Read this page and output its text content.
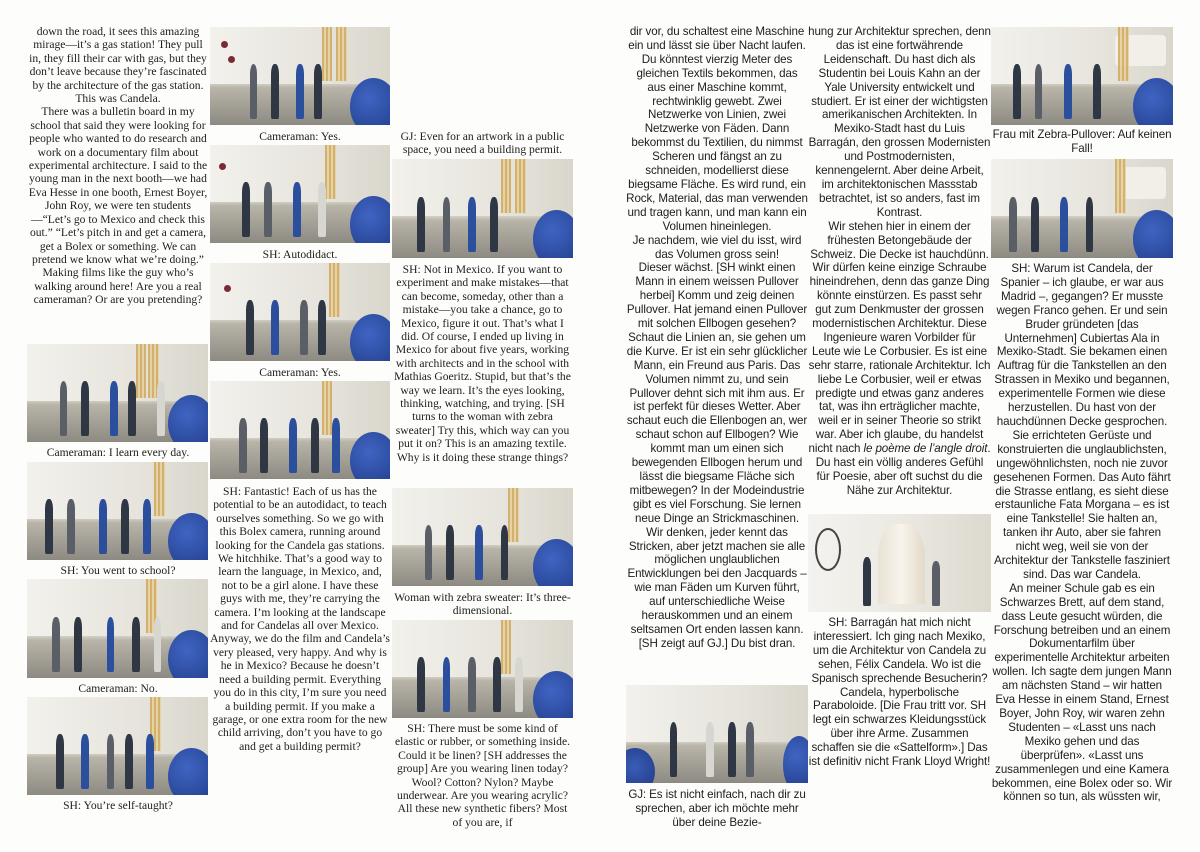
down the road, it sees this amazing mirage—it’s a gas station! They pull in, they fill their car with gas, but they don’t leave because they’re fascinated by the architecture of the gas station. This was Candela.
There was a bulletin board in my school that said they were looking for people who wanted to do research and work on a documentary film about experimental architecture. I said to the young man in the next booth—we had Eva Hesse in one booth, Ernest Boyer, John Roy, we were ten students—“Let’s go to Mexico and check this out.” “Let’s pitch in and get a camera, get a Bolex or something. We can pretend we know what we’re doing.” Making films like the guy who’s walking around here! Are you a real cameraman? Or are you pretending?
Cameraman: I learn every day.
SH: You went to school?
Cameraman: No.
SH: You’re self-taught?
Cameraman: Yes.
SH: Autodidact.
Cameraman: Yes.
SH: Fantastic! Each of us has the potential to be an autodidact, to teach ourselves something. So we go with this Bolex camera, running around looking for the Candela gas stations. We hitchhike. That’s a good way to learn the language, in Mexico, and, not to be a girl alone. I have these guys with me, they’re carrying the camera. I’m looking at the landscape and for Candelas all over Mexico. Anyway, we do the film and Candela’s very pleased, very happy. And why is he in Mexico? Because he doesn’t need a building permit. Everything you do in this city, I’m sure you need a building permit. If you make a garage, or one extra room for the new child arriving, don’t you have to go and get a building permit?
GJ: Even for an artwork in a public space, you need a building permit.
SH: Not in Mexico. If you want to experiment and make mistakes—that can become, someday, other than a mistake—you take a chance, go to Mexico, figure it out. That’s what I did. Of course, I ended up living in Mexico for about five years, working with architects and in the school with Mathias Goeritz. Stupid, but that’s the way we learn. It’s the eyes looking, thinking, watching, and trying. [SH turns to the woman with zebra sweater] Try this, which way can you put it on? This is an amazing textile. Why is it doing these strange things?
Woman with zebra sweater: It’s three-dimensional.
SH: There must be some kind of elastic or rubber, or something inside. Could it be linen? [SH addresses the group] Are you wearing linen today? Wool? Cotton? Nylon? Maybe underwear. Are you wearing acrylic? All these new synthetic fibers? Most of you are, if
dir vor, du schaltest eine Maschine ein und lässt sie über Nacht laufen. Du könntest vierzig Meter des gleichen Textils bekommen, das aus einer Maschine kommt, rechtwinklig gewebt. Zwei Netzwerke von Linien, zwei Netzwerke von Fäden. Dann bekommst du Textilien, du nimmst Scheren und fängst an zu schneiden, modellierst diese biegsame Fläche. Es wird rund, ein Rock, Material, das man verwenden und tragen kann, und man kann ein Volumen hineinlegen.
Je nachdem, wie viel du isst, wird das Volumen gross sein!
Dieser wächst. [SH winkt einen Mann in einem weissen Pullover herbei] Komm und zeig deinen Pullover. Hat jemand einen Pullover mit solchen Ellbogen gesehen? Schaut die Linien an, sie gehen um die Kurve. Er ist ein sehr glücklicher Mann, ein Freund aus Paris. Das Volumen nimmt zu, und sein Pullover dehnt sich mit ihm aus. Er ist perfekt für dieses Wetter. Aber schaut euch die Ellenbogen an, wer schaut schon auf Ellbogen? Wie kommt man um einen sich bewegenden Ellbogen herum und lässt die biegsame Fläche sich mitbewegen? In der Modeindustrie gibt es viel Forschung. Sie lernen neue Dinge an Strickmaschinen. Wir denken, jeder kennt das Stricken, aber jetzt machen sie alle möglichen unglaublichen Entwicklungen bei den Jacquards – wie man Fäden um Kurven führt, auf unterschiedliche Weise herauskommen und an einem seltsamen Ort enden lassen kann. [SH zeigt auf GJ.] Du bist dran.
GJ: Es ist nicht einfach, nach dir zu sprechen, aber ich möchte mehr über deine Bezie-
hung zur Architektur sprechen, denn das ist eine fortwährende Leidenschaft. Du hast dich als Studentin bei Louis Kahn an der Yale University entwickelt und studiert. Er ist einer der wichtigsten amerikanischen Architekten. In Mexiko-Stadt hast du Luis Barragán, den grossen Modernisten und Postmodernisten, kennengelernt. Aber deine Arbeit, im architektonischen Massstab betrachtet, ist so anders, fast im Kontrast.
Wir stehen hier in einem der frühesten Betongebäude der Schweiz. Die Decke ist hauchdünn. Wir dürfen keine einzige Schraube hineindrehen, denn das ganze Ding könnte einstürzen. Es passt sehr gut zum Denkmuster der grossen modernistischen Architektur. Diese Ingenieure waren Vorbilder für Leute wie Le Corbusier. Es ist eine sehr starre, rationale Architektur. Ich liebe Le Corbusier, weil er etwas predigte und etwas ganz anderes tat, was ihn erträglicher machte, weil er in seiner Theorie so strikt war. Aber ich glaube, du handelst nicht nach le poème de l’angle droit. Du hast ein völlig anderes Gefühl für Poesie, aber oft suchst du die Nähe zur Architektur.
SH: Barragán hat mich nicht interessiert. Ich ging nach Mexiko, um die Architektur von Candela zu sehen, Félix Candela. Wo ist die Spanisch sprechende Besucherin? Candela, hyperbolische Paraboloide. [Die Frau tritt vor. SH legt ein schwarzes Kleidungsstück über ihre Arme. Zusammen schaffen sie die «Sattelform».] Das ist definitiv nicht Frank Lloyd Wright!
Frau mit Zebra-Pullover: Auf keinen Fall!
SH: Warum ist Candela, der Spanier – ich glaube, er war aus Madrid –, gegangen? Er musste wegen Franco gehen. Er und sein Bruder gründeten [das Unternehmen] Cubiertas Ala in Mexiko-Stadt. Sie bekamen einen Auftrag für die Tankstellen an den Strassen in Mexiko und begannen, experimentelle Formen wie diese herzustellen. Du hast von der hauchdünnen Decke gesprochen. Sie errichteten Gerüste und konstruierten die unglaublichsten, ungewöhnlichsten, noch nie zuvor gesehenen Formen. Das Auto fährt die Strasse entlang, es sieht diese erstaunliche Fata Morgana – es ist eine Tankstelle! Sie halten an, tanken ihr Auto, aber sie fahren nicht weg, weil sie von der Architektur der Tankstelle fasziniert sind. Das war Candela.
An meiner Schule gab es ein Schwarzes Brett, auf dem stand, dass Leute gesucht würden, die Forschung betreiben und an einem Dokumentarfilm über experimentelle Architektur arbeiten wollen. Ich sagte dem jungen Mann am nächsten Stand – wir hatten Eva Hesse in einem Stand, Ernest Boyer, John Roy, wir waren zehn Studenten – «Lasst uns nach Mexiko gehen und das überprüfen». «Lasst uns zusammenlegen und eine Kamera bekommen, eine Bolex oder so. Wir können so tun, als wüssten wir,
